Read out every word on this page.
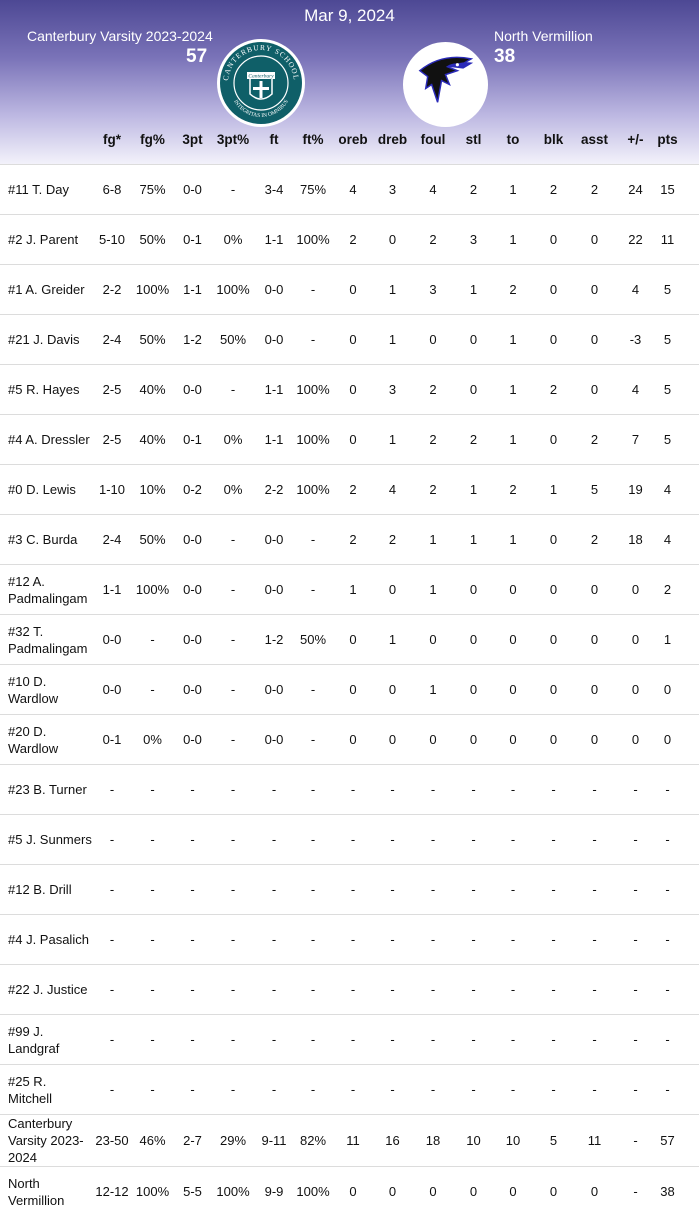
Mar 9, 2024
Canterbury Varsity 2023-2024
57
North Vermillion
38
CANTERBURY SCHOOL
INTEGRITAS IN OMNIBUS
Canterbury
fg*	fg%	3pt	3pt%	ft	ft%	oreb dreb	foul	stl	to	blk	asst	+/-	pts
#11 T. Day	6-8	75%	0-0	-	3-4	75%	4	3	4	2	1	2	2	24	15	
#2 J. Parent	5-10	50%	0-1	0%	1-1	100%	2	0	2	3	1	0	0	22	11	
#1 A. Greider	2-2	100%	1-1	100%	0-0	-	0	1	3	1	2	0	0	4	5	
#21 J. Davis	2-4	50%	1-2	50%	0-0	-	0	1	0	0	1	0	0	-3	5	
#5 R. Hayes	2-5	40%	0-0	-	1-1	100%	0	3	2	0	1	2	0	4	5	
#4 A. Dressler	2-5	40%	0-1	0%	1-1	100%	0	1	2	2	1	0	2	7	5	
#0 D. Lewis	1-10	10%	0-2	0%	2-2	100%	2	4	2	1	2	1	5	19	4	
#3 C. Burda	2-4	50%	0-0	-	0-0	-	2	2	1	1	1	0	2	18	4	
#12 A. Padmalingam	1-1	100%	0-0	-	0-0	-	1	0	1	0	0	0	0	0	2	
#32 T. Padmalingam	0-0	-	0-0	-	1-2	50%	0	1	0	0	0	0	0	0	1	
#10 D. Wardlow	0-0	-	0-0	-	0-0	-	0	0	1	0	0	0	0	0	0	
#20 D. Wardlow	0-1	0%	0-0	-	0-0	-	0	0	0	0	0	0	0	0	0	
#23 B. Turner	-	-	-	-	-	-	-	-	-	-	-	-	-	-	-	
#5 J. Sunmers	-	-	-	-	-	-	-	-	-	-	-	-	-	-	-	
#12 B. Drill	-	-	-	-	-	-	-	-	-	-	-	-	-	-	-	
#4 J. Pasalich	-	-	-	-	-	-	-	-	-	-	-	-	-	-	-	
#22 J. Justice	-	-	-	-	-	-	-	-	-	-	-	-	-	-	-	
#99 J. Landgraf	-	-	-	-	-	-	-	-	-	-	-	-	-	-	-	
#25 R. Mitchell	-	-	-	-	-	-	-	-	-	-	-	-	-	-	-	
Canterbury Varsity 2023-2024	23-50	46%	2-7	29%	9-11	82%	11	16	18	10	10	5	11	-	57	
North Vermillion	12-12	100%	5-5	100%	9-9	100%	0	0	0	0	0	0	0	-	38	
